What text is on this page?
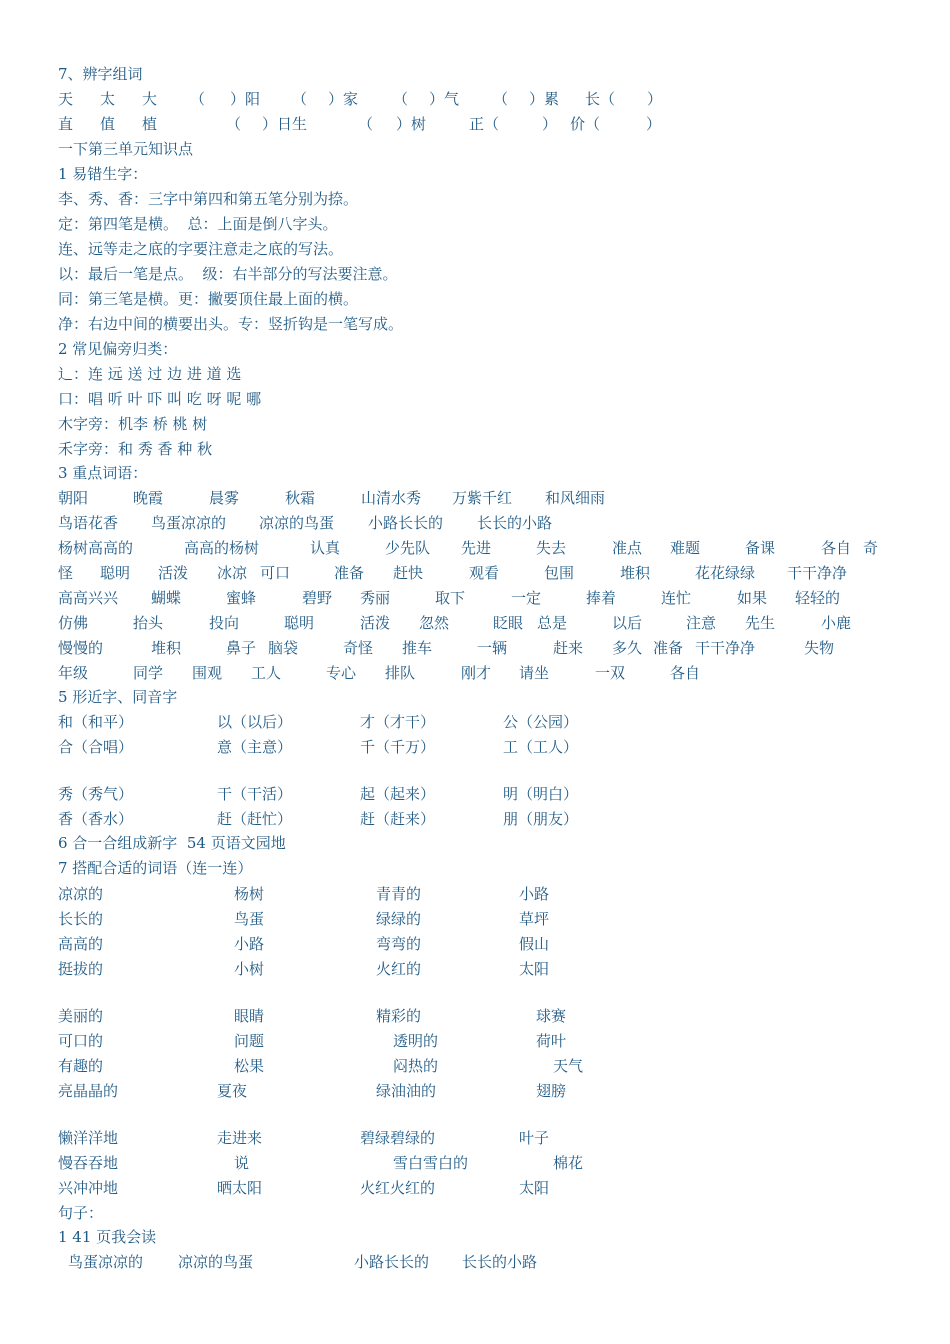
7、辨字组词
天 太 大 （ ）阳 （ ）家 （ ）气 （ ）累 长（ ）
直 值 植	（ ）日生	（ ）树	正（	） 价（	）
一下第三单元知识点
1 易错生字：
李、秀、香：三字中第四和第五笔分别为捺。
定：第四笔是横。  总：上面是倒八字头。
连、远等走之底的字要注意走之底的写法。
以：最后一笔是点。  级：右半部分的写法要注意。
同：第三笔是横。更：撇要顶住最上面的横。
净：右边中间的横要出头。专：竖折钩是一笔写成。
2 常见偏旁归类：
辶：连 远 送 过 边 进 道 选
口：唱 听 叶 吓 叫 吃 呀 呢 哪
木字旁：机李 桥 桃 树
禾字旁：和 秀 香 种 秋
3 重点词语：
朝阳	晚霞	晨雾	秋霜	山清水秀 万紫千红 和风细雨
鸟语花香 鸟蛋凉凉的 凉凉的鸟蛋 小路长长的 长长的小路
杨树高高的	高高的杨树	认真	少先队 先进	失去	准点 难题	备课	各自 奇
怪 聪明 活泼 冰凉 可口	准备 赶快	观看	包围	堆积	花花绿绿 干干净净
高高兴兴 蝴蝶	蜜蜂	碧野 秀丽	取下	一定	捧着	连忙	如果 轻轻的
仿佛	抬头	投向	聪明	活泼 忽然	眨眼 总是	以后	注意 先生	小鹿
慢慢的	堆积	鼻子 脑袋	奇怪 推车	一辆	赶来 多久 准备 干干净净	失物
年级	同学 围观 工人	专心 排队	刚才 请坐	一双	各自
5 形近字、同音字
和（和平）	以（以后）	才（才干）	公（公园）
合（合唱）	意（主意）	千（千万）	工（工人）
秀（秀气）	干（干活）	起（起来）	明（明白）
香（香水）	赶（赶忙）	赶（赶来）	朋（朋友）
6 合一合组成新字  54 页语文园地
7 搭配合适的词语（连一连）
凉凉的	杨树	青青的	小路
长长的	鸟蛋	绿绿的	草坪
高高的	小路	弯弯的	假山
挺拔的	小树	火红的	太阳
美丽的	眼睛	精彩的	球赛
可口的	问题	透明的	荷叶
有趣的	松果	闷热的	天气
亮晶晶的	夏夜	绿油油的	翅膀
懒洋洋地	走进来	碧绿碧绿的	叶子
慢吞吞地	说	雪白雪白的	棉花
兴冲冲地	晒太阳	火红火红的	太阳
句子：
1 41 页我会读
鸟蛋凉凉的 凉凉的鸟蛋	小路长长的 长长的小路
